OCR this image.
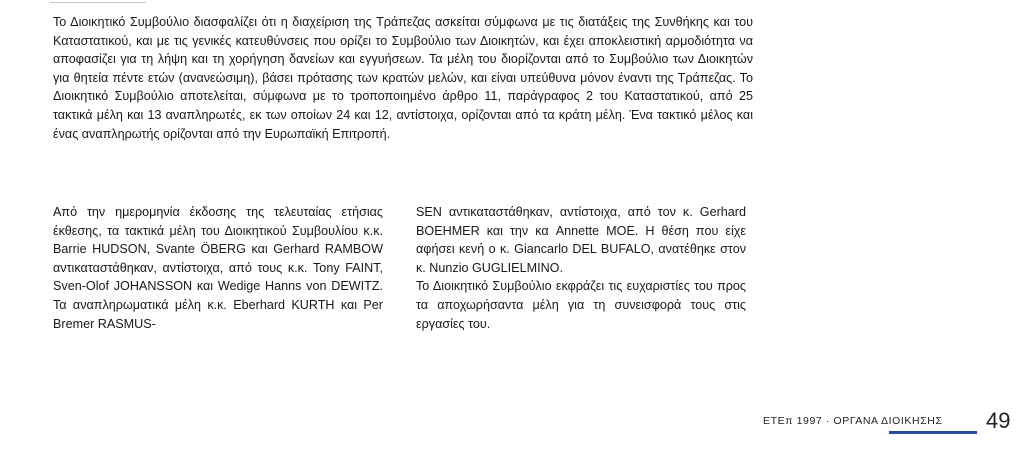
Το Διοικητικό Συμβούλιο διασφαλίζει ότι η διαχείριση της Τράπεζας ασκείται σύμφωνα με τις διατάξεις της Συνθήκης και του Καταστατικού, και με τις γενικές κατευθύνσεις που ορίζει το Συμβούλιο των Διοικητών, και έχει αποκλειστική αρμοδιότητα να αποφασίζει για τη λήψη και τη χορήγηση δανείων και εγγυήσεων. Τα μέλη του διορίζονται από το Συμβούλιο των Διοικητών για θητεία πέντε ετών (ανανεώσιμη), βάσει πρότασης των κρατών μελών, και είναι υπεύθυνα μόνον έναντι της Τράπεζας. Το Διοικητικό Συμβούλιο αποτελείται, σύμφωνα με το τροποποιημένο άρθρο 11, παράγραφος 2 του Καταστατικού, από 25 τακτικά μέλη και 13 αναπληρωτές, εκ των οποίων 24 και 12, αντίστοιχα, ορίζονται από τα κράτη μέλη. Ένα τακτικό μέλος και ένας αναπληρωτής ορίζονται από την Ευρωπαϊκή Επιτροπή.

Από την ημερομηνία έκδοσης της τελευταίας ετήσιας έκθεσης, τα τακτικά μέλη του Διοικητικού Συμβουλίου κ.κ. Barrie HUDSON, Svante ÖBERG και Gerhard RAMBOW αντικαταστάθηκαν, αντίστοιχα, από τους κ.κ. Tony FAINT, Sven-Olof JOHANSSON και Wedige Hanns von DEWITZ. Τα αναπληρωματικά μέλη κ.κ. Eberhard KURTH και Per Bremer RASMUS-

SEN αντικαταστάθηκαν, αντίστοιχα, από τον κ. Gerhard BOEHMER και την κα Annette MOE. Η θέση που είχε αφήσει κενή ο κ. Giancarlo DEL BUFALO, ανατέθηκε στον κ. Nunzio GUGLIELMINO.

Το Διοικητικό Συμβούλιο εκφράζει τις ευχαριστίες του προς τα αποχωρήσαντα μέλη για τη συνεισφορά τους στις εργασίες του.

ΕΤΕπ 1997 · ΟΡΓΑΝΑ ΔΙΟΙΚΗΣΗΣ 49
